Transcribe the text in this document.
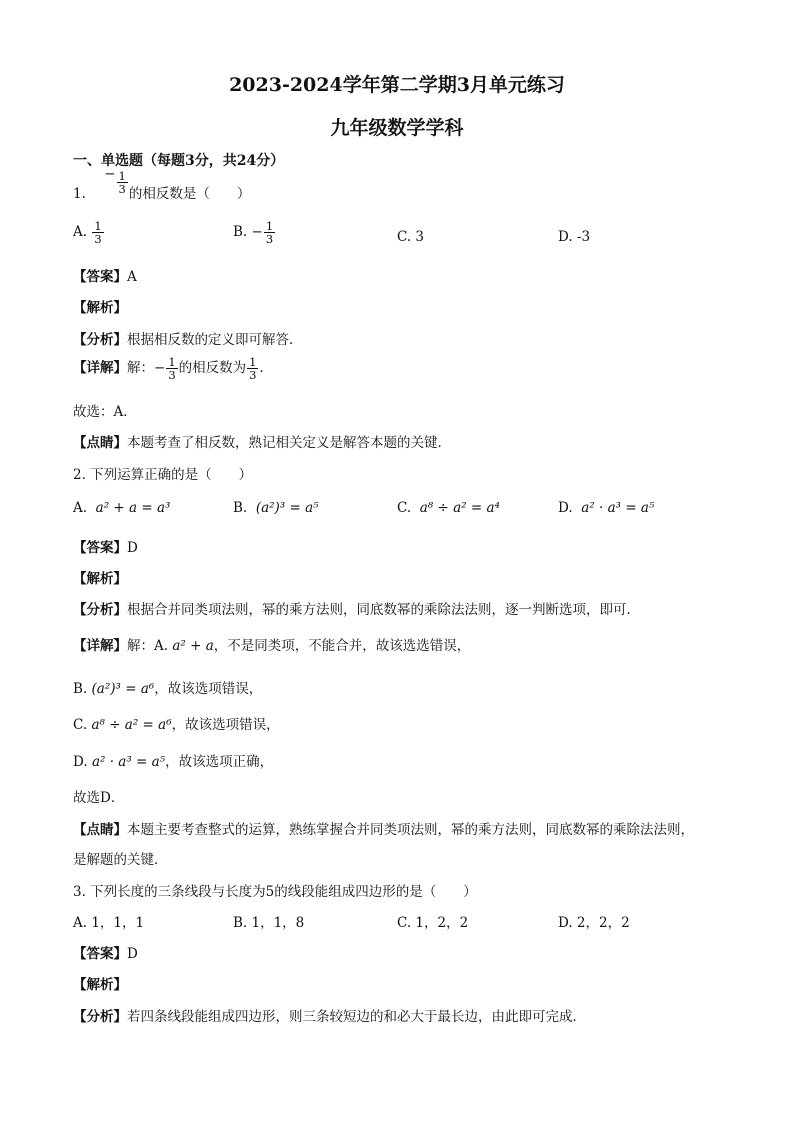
2023-2024学年第二学期3月单元练习
九年级数学学科
一、单选题（每题3分，共24分）
1. − $\frac{1}{3}$ 的相反数是（　　）
A. $\frac{1}{3}$	B. − $\frac{1}{3}$	C. 3	D. -3
【答案】A
【解析】
【分析】根据相反数的定义即可解答．
【详解】解：− $\frac{1}{3}$ 的相反数为 $\frac{1}{3}$ ．
故选：A．
【点睛】本题考查了相反数，熟记相关定义是解答本题的关键．
2. 下列运算正确的是（　　）
A. a² + a = a³	B. (a²)³ = a⁵	C. a⁸ ÷ a² = a⁴	D. a² · a³ = a⁵
【答案】D
【解析】
【分析】根据合并同类项法则，幂的乘方法则，同底数幂的乘除法法则，逐一判断选项，即可．
【详解】解：A. a² + a，不是同类项，不能合并，故该选选错误，
B. (a²)³ = a⁶，故该选项错误，
C. a⁸ ÷ a² = a⁶，故该选项错误，
D. a² · a³ = a⁵，故该选项正确，
故选D．
【点睛】本题主要考查整式的运算，熟练掌握合并同类项法则，幂的乘方法则，同底数幂的乘除法法则，
是解题的关键．
3. 下列长度的三条线段与长度为5的线段能组成四边形的是（　　）
A. 1，1，1	B. 1，1，8	C. 1，2，2	D. 2，2，2
【答案】D
【解析】
【分析】若四条线段能组成四边形，则三条较短边的和必大于最长边，由此即可完成．
